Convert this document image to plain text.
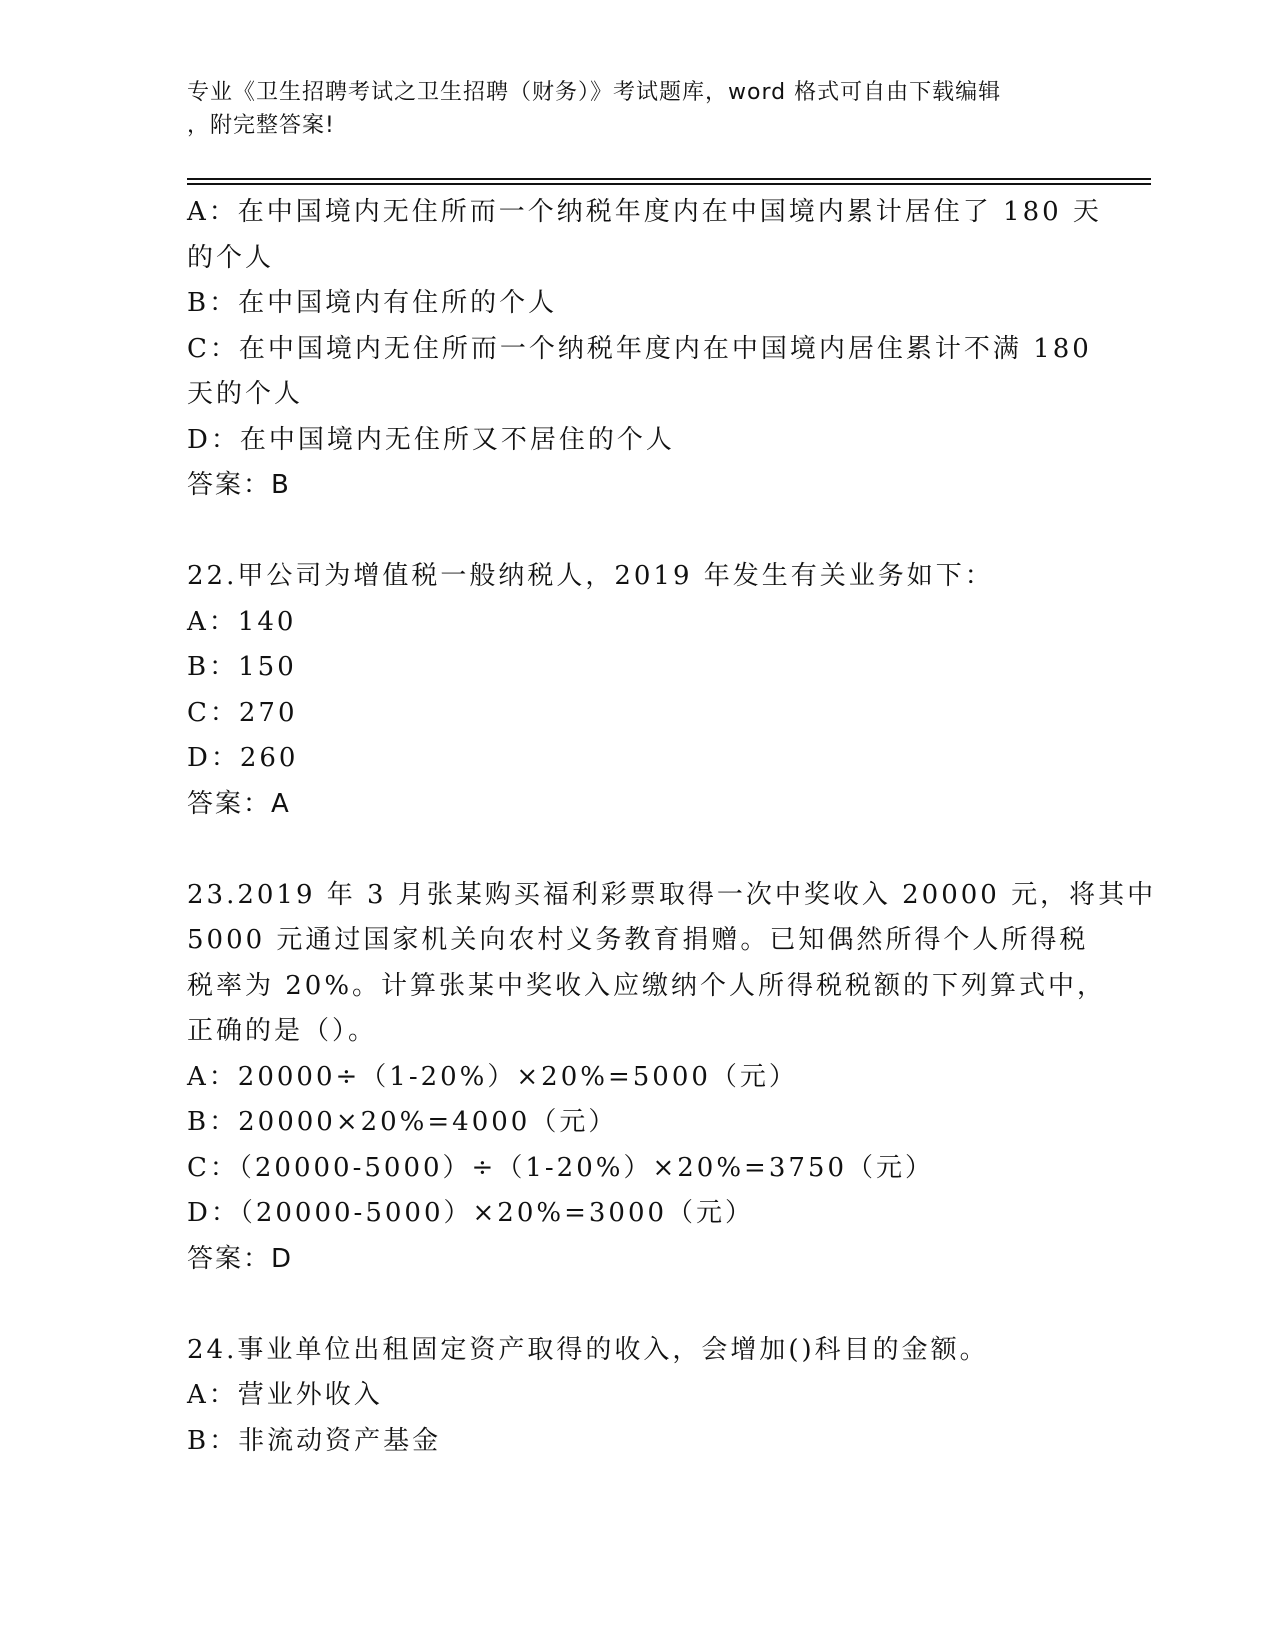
专业《卫生招聘考试之卫生招聘（财务）》考试题库，word 格式可自由下载编辑
，附完整答案!
A：在中国境内无住所而一个纳税年度内在中国境内累计居住了 180 天
的个人
B：在中国境内有住所的个人
C：在中国境内无住所而一个纳税年度内在中国境内居住累计不满 180
天的个人
D：在中国境内无住所又不居住的个人
答案：B
22.甲公司为增值税一般纳税人，2019 年发生有关业务如下：
A：140
B：150
C：270
D：260
答案：A
23.2019 年 3 月张某购买福利彩票取得一次中奖收入 20000 元，将其中
5000 元通过国家机关向农村义务教育捐赠。已知偶然所得个人所得税
税率为 20%。计算张某中奖收入应缴纳个人所得税税额的下列算式中，
正确的是（）。
A：20000÷（1-20%）×20%=5000（元）
B：20000×20%=4000（元）
C：（20000-5000）÷（1-20%）×20%=3750（元）
D：（20000-5000）×20%=3000（元）
答案：D
24.事业单位出租固定资产取得的收入，会增加()科目的金额。
A：营业外收入
B：非流动资产基金
